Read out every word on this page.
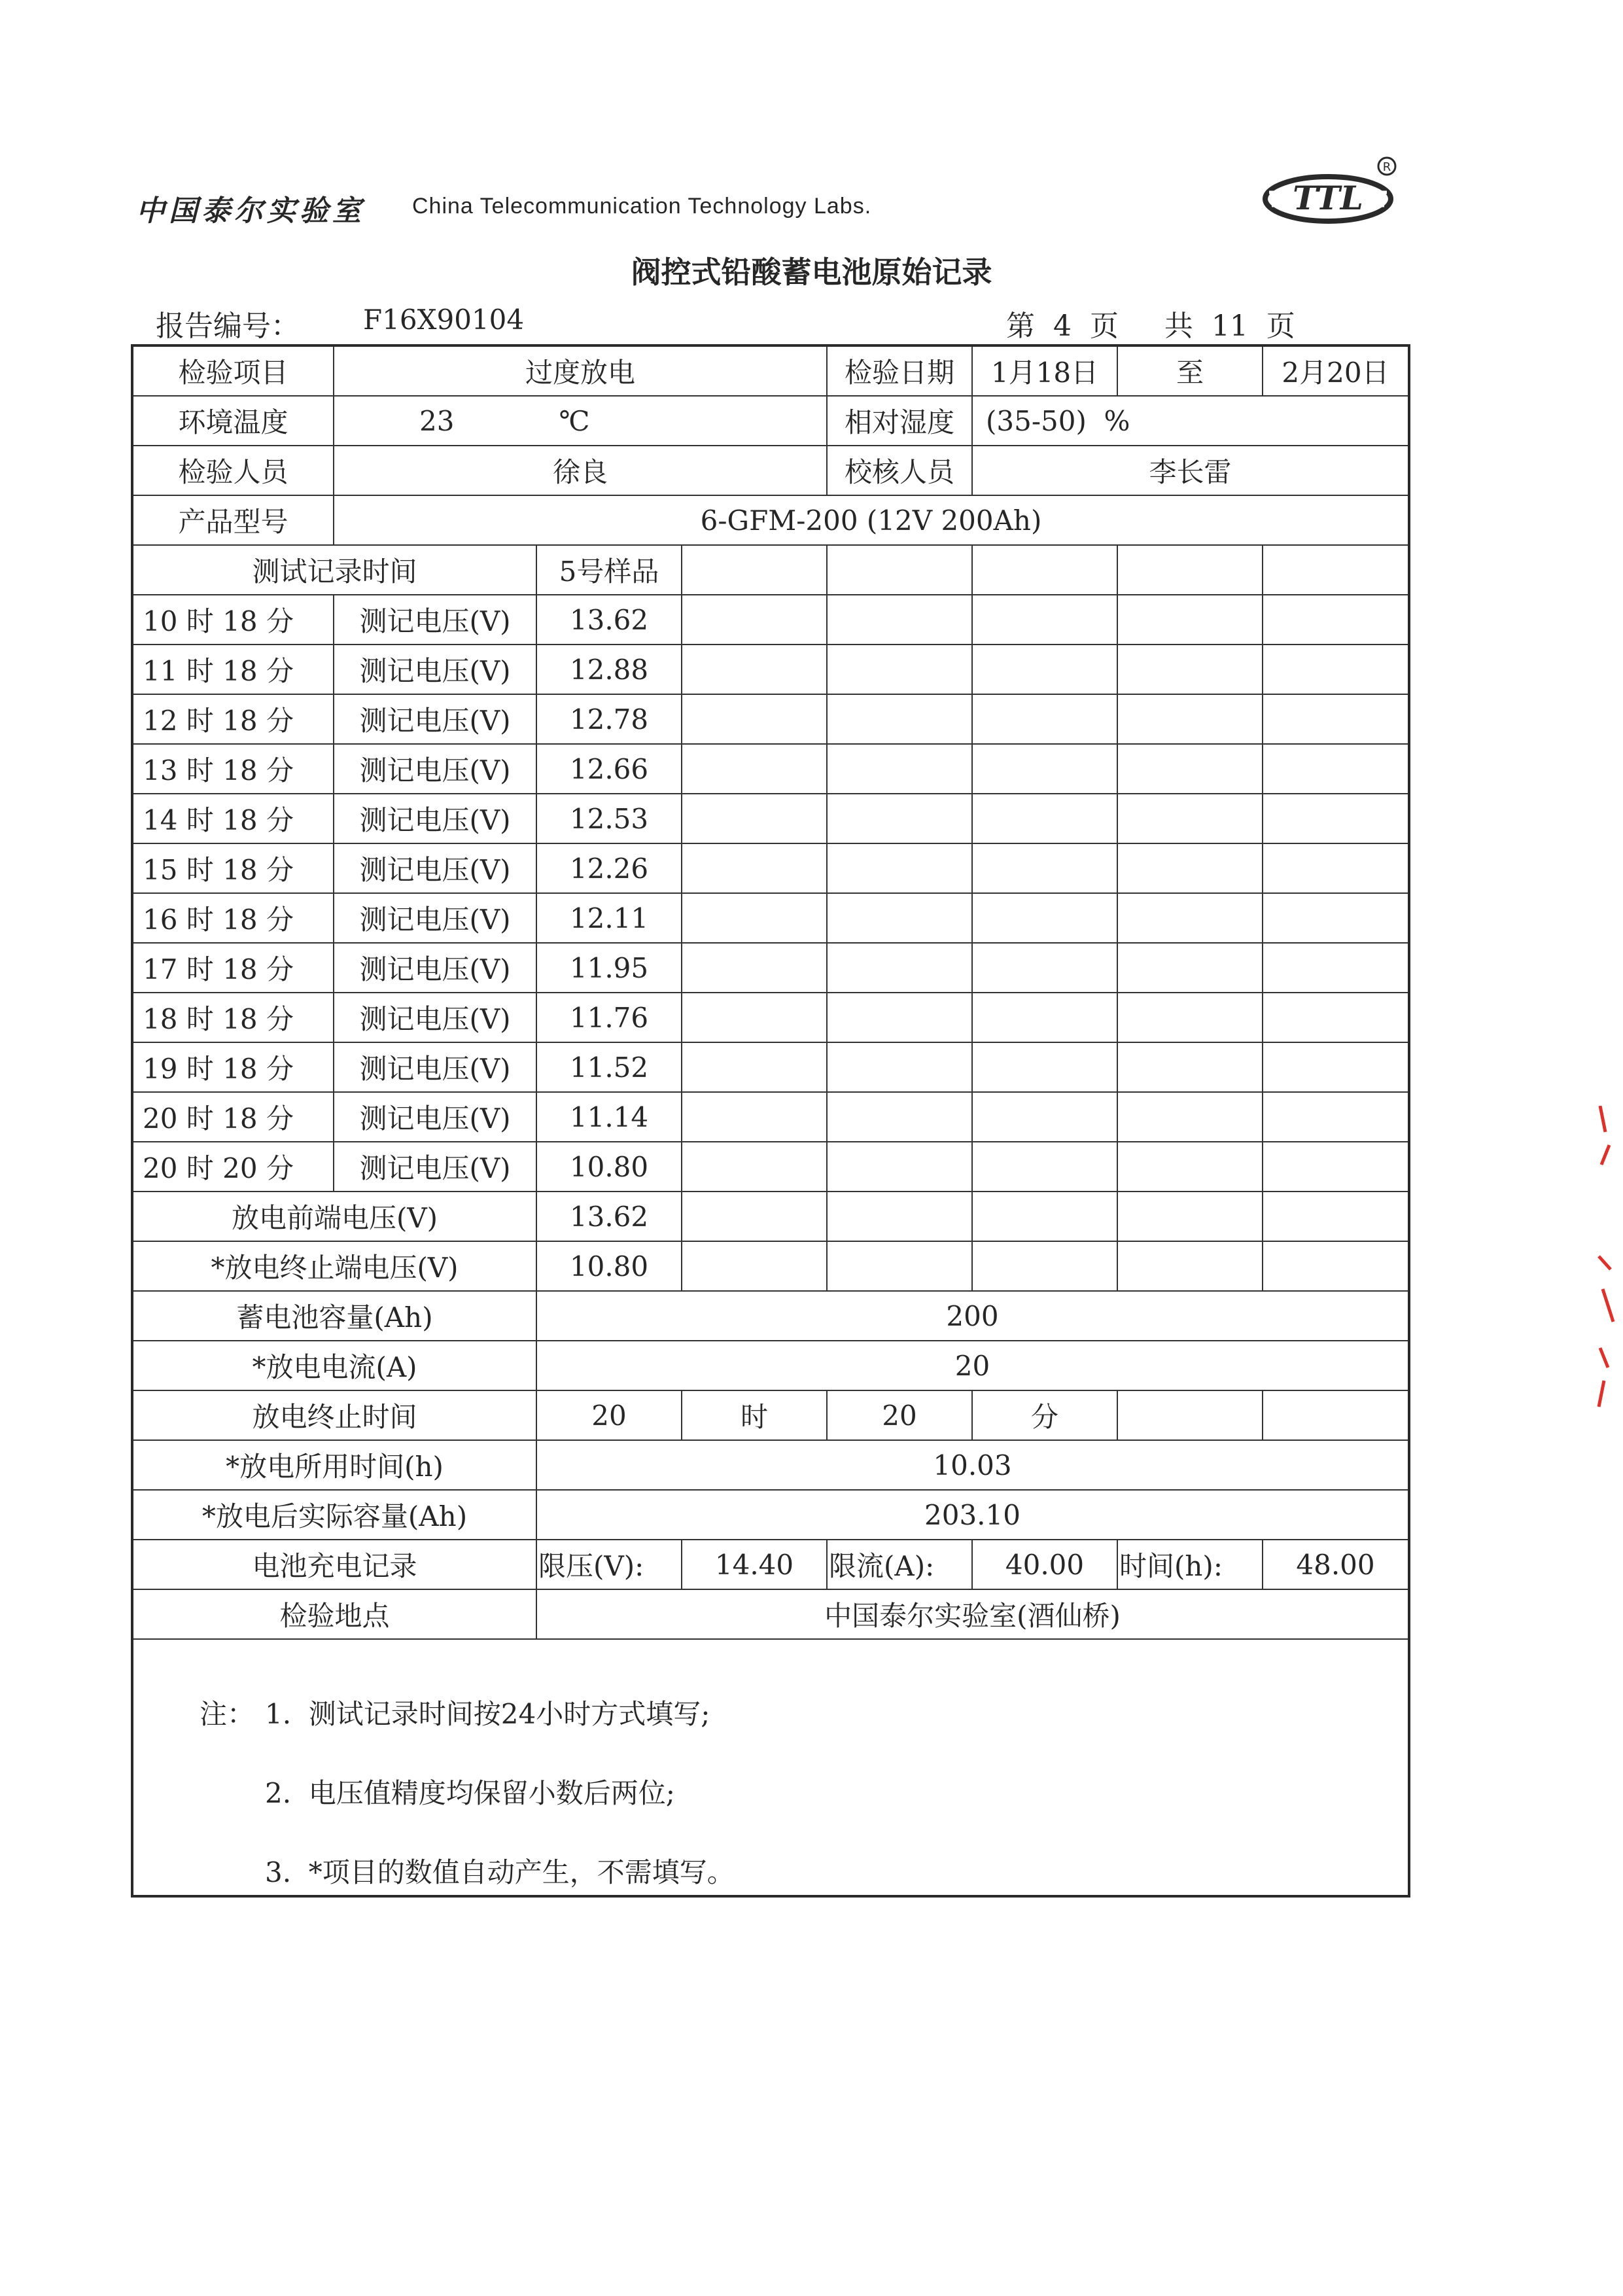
中国泰尔实验室 China Telecommunication Technology Labs.	TTL
R
阀控式铅酸蓄电池原始记录
报告编号： F16X90104	第  4  页     共  11  页
检验项目	过度放电			检验日期	1月18日	至	2月20日
环境温度	23 ℃			相对湿度	(35-50)  %		
检验人员	徐良			校核人员	李长雷		
产品型号	6-GFM-200 (12V 200Ah)						
测试记录时间		5号样品					
10 时 18 分	测记电压(V)	13.62					
11 时 18 分	测记电压(V)	12.88					
12 时 18 分	测记电压(V)	12.78					
13 时 18 分	测记电压(V)	12.66					
14 时 18 分	测记电压(V)	12.53					
15 时 18 分	测记电压(V)	12.26					
16 时 18 分	测记电压(V)	12.11					
17 时 18 分	测记电压(V)	11.95					
18 时 18 分	测记电压(V)	11.76					
19 时 18 分	测记电压(V)	11.52					
20 时 18 分	测记电压(V)	11.14					
20 时 20 分	测记电压(V)	10.80					
放电前端电压(V)		13.62					
*放电终止端电压(V)		10.80					
蓄电池容量(Ah)		200					
*放电电流(A)		20					
放电终止时间		20	时	20	分		
*放电所用时间(h)		10.03					
*放电后实际容量(Ah)		203.10					
电池充电记录		限压(V):	14.40	限流(A):	40.00	时间(h):	48.00
检验地点		中国泰尔实验室(酒仙桥)					

注： 1.  测试记录时间按24小时方式填写;
2.  电压值精度均保留小数后两位;
3.  *项目的数值自动产生，不需填写。
